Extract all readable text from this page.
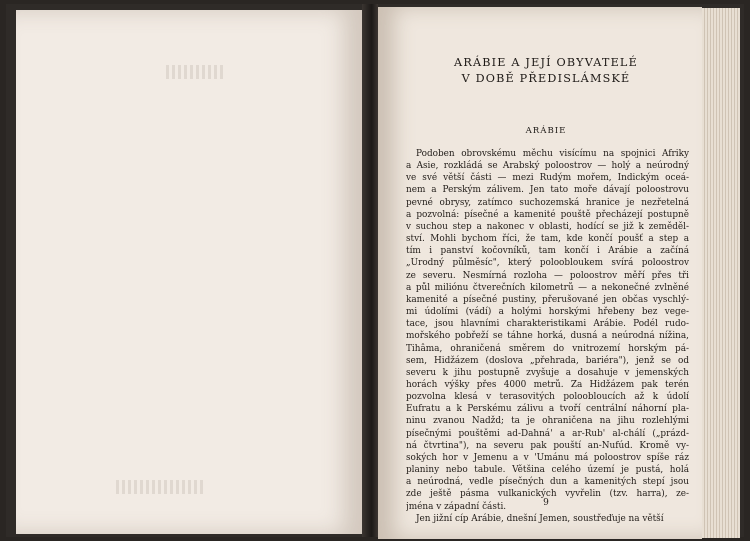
ARÁBIE A JEJÍ OBYVATELÉ
V DOBĚ PŘEDISLÁMSKÉ
ARÁBIE
Podoben obrovskému měchu visícímu na spojnici Afriky
a Asie, rozkládá se Arabský poloostrov — holý a neúrodný
ve své větší části — mezi Rudým mořem, Indickým oceá-
nem a Perským zálivem. Jen tato moře dávají poloostrovu
pevné obrysy, zatímco suchozemská hranice je nezřetelná
a pozvolná: písečné a kamenité pouště přecházejí postupně
v suchou step a nakonec v oblasti, hodící se již k zeměděl-
ství. Mohli bychom říci, že tam, kde končí poušť a step a
tím i panství kočovníků, tam končí i Arábie a začíná
„Úrodný půlměsíc", který poloobloukem svírá poloostrov
ze severu. Nesmírná rozloha — poloostrov měří přes tři
a půl miliónu čtverečních kilometrů — a nekonečné zvlněné
kamenité a písečné pustiny, přerušované jen občas vyschlý-
mi údolími (vádí) a holými horskými hřebeny bez vege-
tace, jsou hlavními charakteristikami Arábie. Podél rudo-
mořského pobřeží se táhne horká, dusná a neúrodná nížina,
Tihâma, ohraničená směrem do vnitrozemí horským pá-
sem, Hidžázem (doslova „přehrada, bariéra"), jenž se od
severu k jihu postupně zvyšuje a dosahuje v jemenských
horách výšky přes 4000 metrů. Za Hidžázem pak terén
pozvolna klesá v terasovitých poloobloucích až k údolí
Eufratu a k Perskému zálivu a tvoří centrální náhorní pla-
ninu zvanou Nadžd; ta je ohraničena na jihu rozlehlými
písečnými pouštěmi ad-Dahná' a ar-Rub' al-chálí („prázd-
ná čtvrtina"), na severu pak pouští an-Nufúd. Kromě vy-
sokých hor v Jemenu a v 'Umánu má poloostrov spíše ráz
planiny nebo tabule. Většina celého území je pustá, holá
a neúrodná, vedle písečných dun a kamenitých stepí jsou
zde ještě pásma vulkanických vyvřelin (tzv. harra), ze-
jména v západní části.
Jen jižní cíp Arábie, dnešní Jemen, soustřeďuje na větší
9
